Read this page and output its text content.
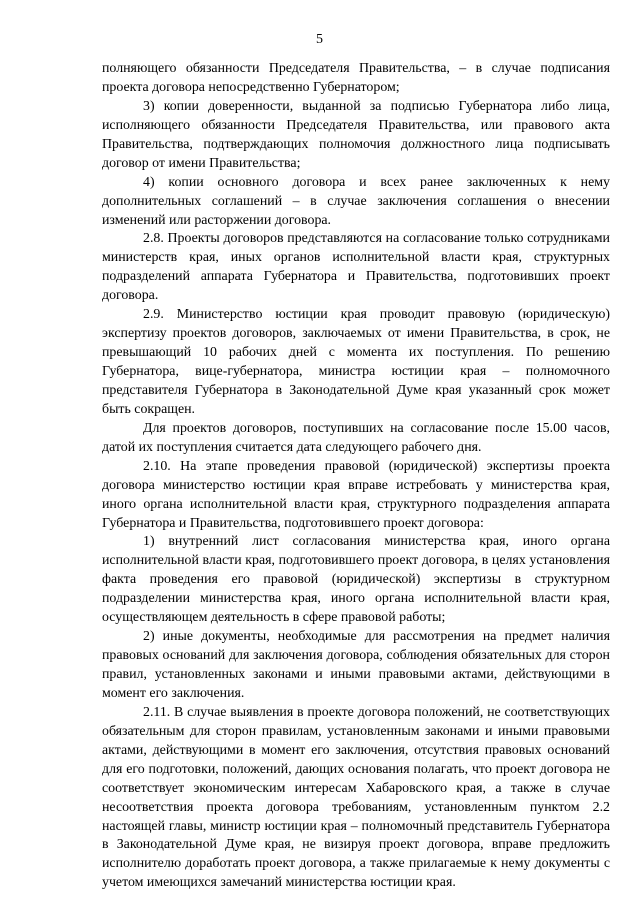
5

полняющего обязанности Председателя Правительства, – в случае подписания проекта договора непосредственно Губернатором;

3) копии доверенности, выданной за подписью Губернатора либо лица, исполняющего обязанности Председателя Правительства, или правового акта Правительства, подтверждающих полномочия должностного лица подписывать договор от имени Правительства;

4) копии основного договора и всех ранее заключенных к нему дополнительных соглашений – в случае заключения соглашения о внесении изменений или расторжении договора.

2.8. Проекты договоров представляются на согласование только сотрудниками министерств края, иных органов исполнительной власти края, структурных подразделений аппарата Губернатора и Правительства, подготовивших проект договора.

2.9. Министерство юстиции края проводит правовую (юридическую) экспертизу проектов договоров, заключаемых от имени Правительства, в срок, не превышающий 10 рабочих дней с момента их поступления. По решению Губернатора, вице-губернатора, министра юстиции края – полномочного представителя Губернатора в Законодательной Думе края указанный срок может быть сокращен.

Для проектов договоров, поступивших на согласование после 15.00 часов, датой их поступления считается дата следующего рабочего дня.

2.10. На этапе проведения правовой (юридической) экспертизы проекта договора министерство юстиции края вправе истребовать у министерства края, иного органа исполнительной власти края, структурного подразделения аппарата Губернатора и Правительства, подготовившего проект договора:

1) внутренний лист согласования министерства края, иного органа исполнительной власти края, подготовившего проект договора, в целях установления факта проведения его правовой (юридической) экспертизы в структурном подразделении министерства края, иного органа исполнительной власти края, осуществляющем деятельность в сфере правовой работы;

2) иные документы, необходимые для рассмотрения на предмет наличия правовых оснований для заключения договора, соблюдения обязательных для сторон правил, установленных законами и иными правовыми актами, действующими в момент его заключения.

2.11. В случае выявления в проекте договора положений, не соответствующих обязательным для сторон правилам, установленным законами и иными правовыми актами, действующими в момент его заключения, отсутствия правовых оснований для его подготовки, положений, дающих основания полагать, что проект договора не соответствует экономическим интересам Хабаровского края, а также в случае несоответствия проекта договора требованиям, установленным пунктом 2.2 настоящей главы, министр юстиции края – полномочный представитель Губернатора в Законодательной Думе края, не визируя проект договора, вправе предложить исполнителю доработать проект договора, а также прилагаемые к нему документы с учетом имеющихся замечаний министерства юстиции края.
